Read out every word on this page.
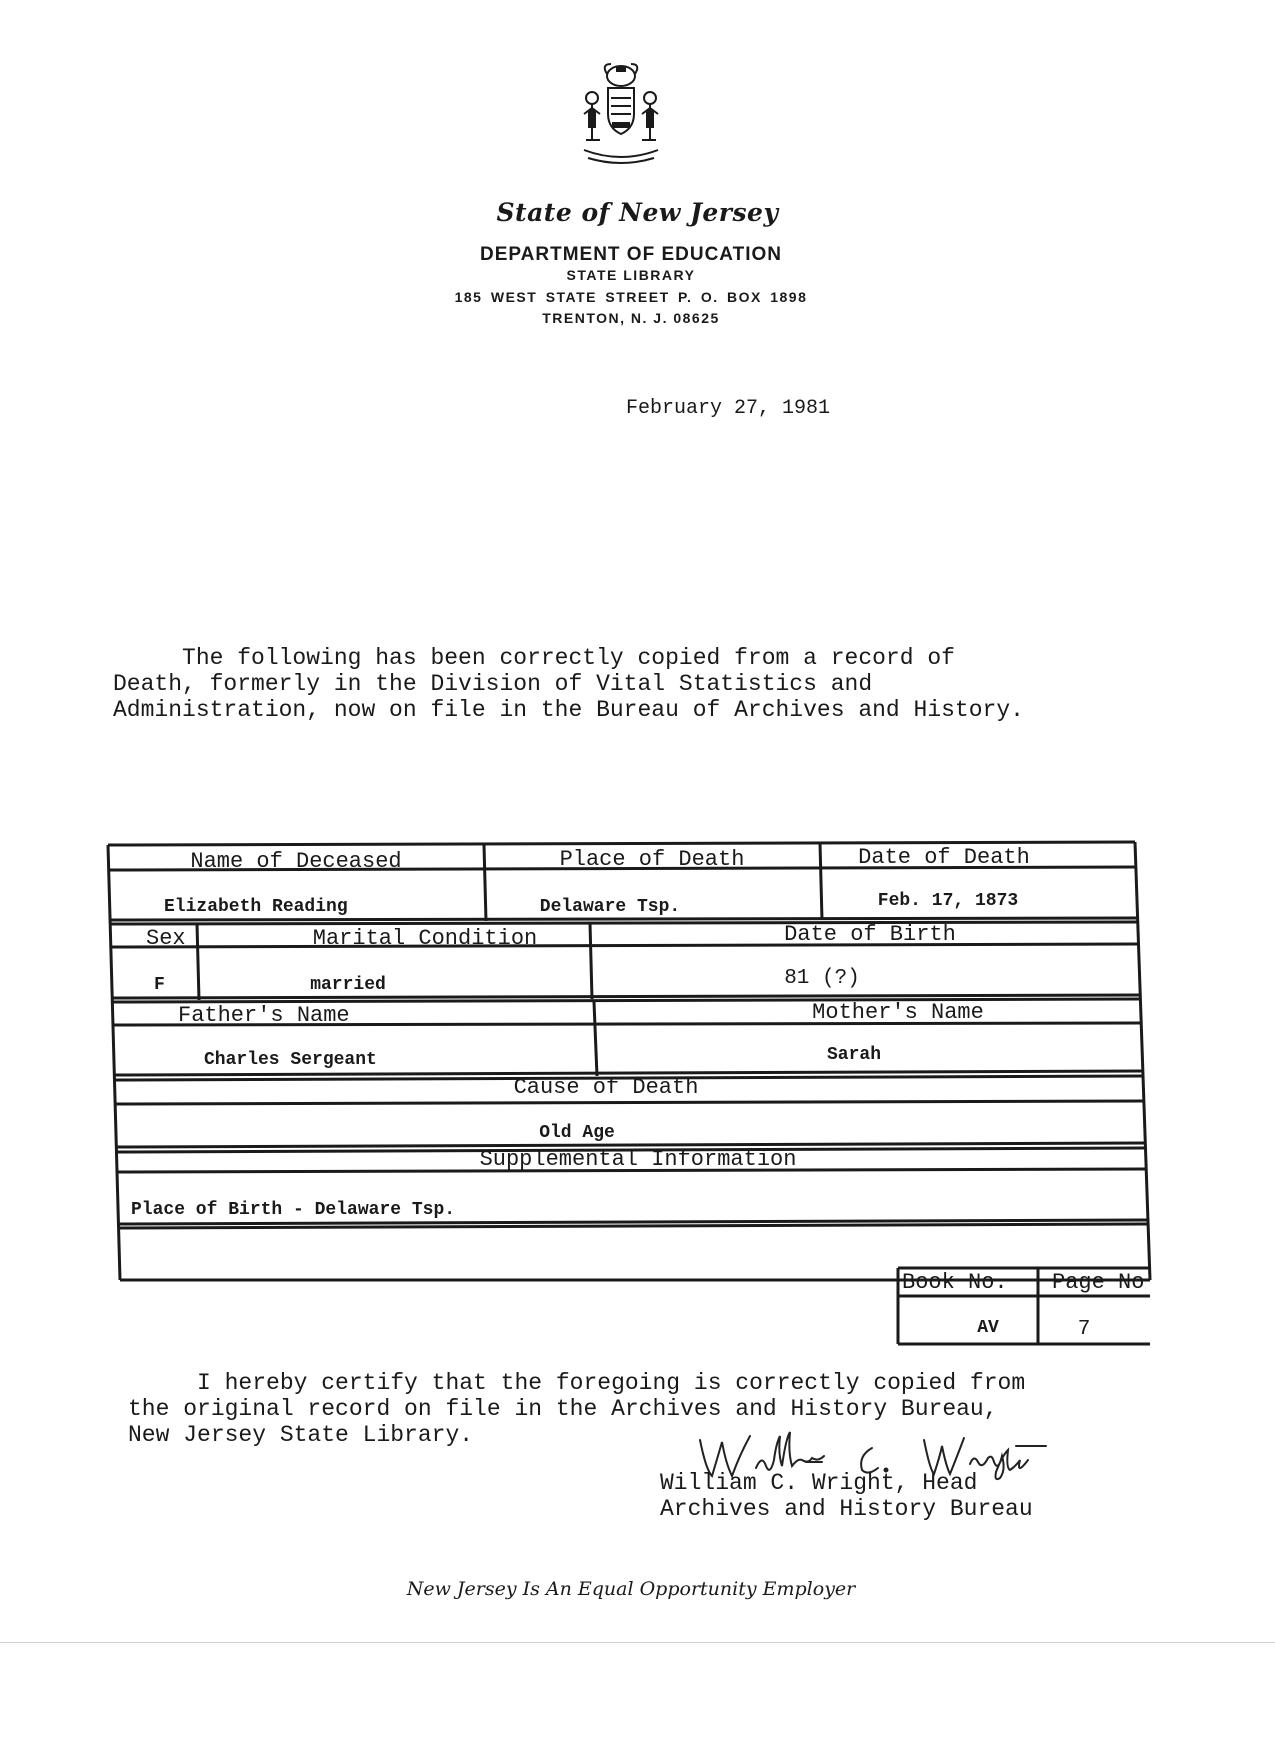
State of New Jersey
DEPARTMENT OF EDUCATION
STATE LIBRARY
185 WEST STATE STREET P. O. BOX 1898
TRENTON, N. J. 08625
February 27, 1981
The following has been correctly copied from a record of
Death, formerly in the Division of Vital Statistics and
Administration, now on file in the Bureau of Archives and History.
Name of Deceased	Place of Death	Date of Death
Elizabeth Reading	Delaware Tsp.	Feb. 17, 1873
Sex	Marital Condition	Date of Birth
F	married	81 (?)
Father's Name	Mother's Name
Charles Sergeant	Sarah
Cause of Death
Old Age
Supplemental Information
Place of Birth - Delaware Tsp.
Book No. Page No
AV	7
I hereby certify that the foregoing is correctly copied from
the original record on file in the Archives and History Bureau,
New Jersey State Library.
William C. Wright, Head
Archives and History Bureau
New Jersey Is An Equal Opportunity Employer
